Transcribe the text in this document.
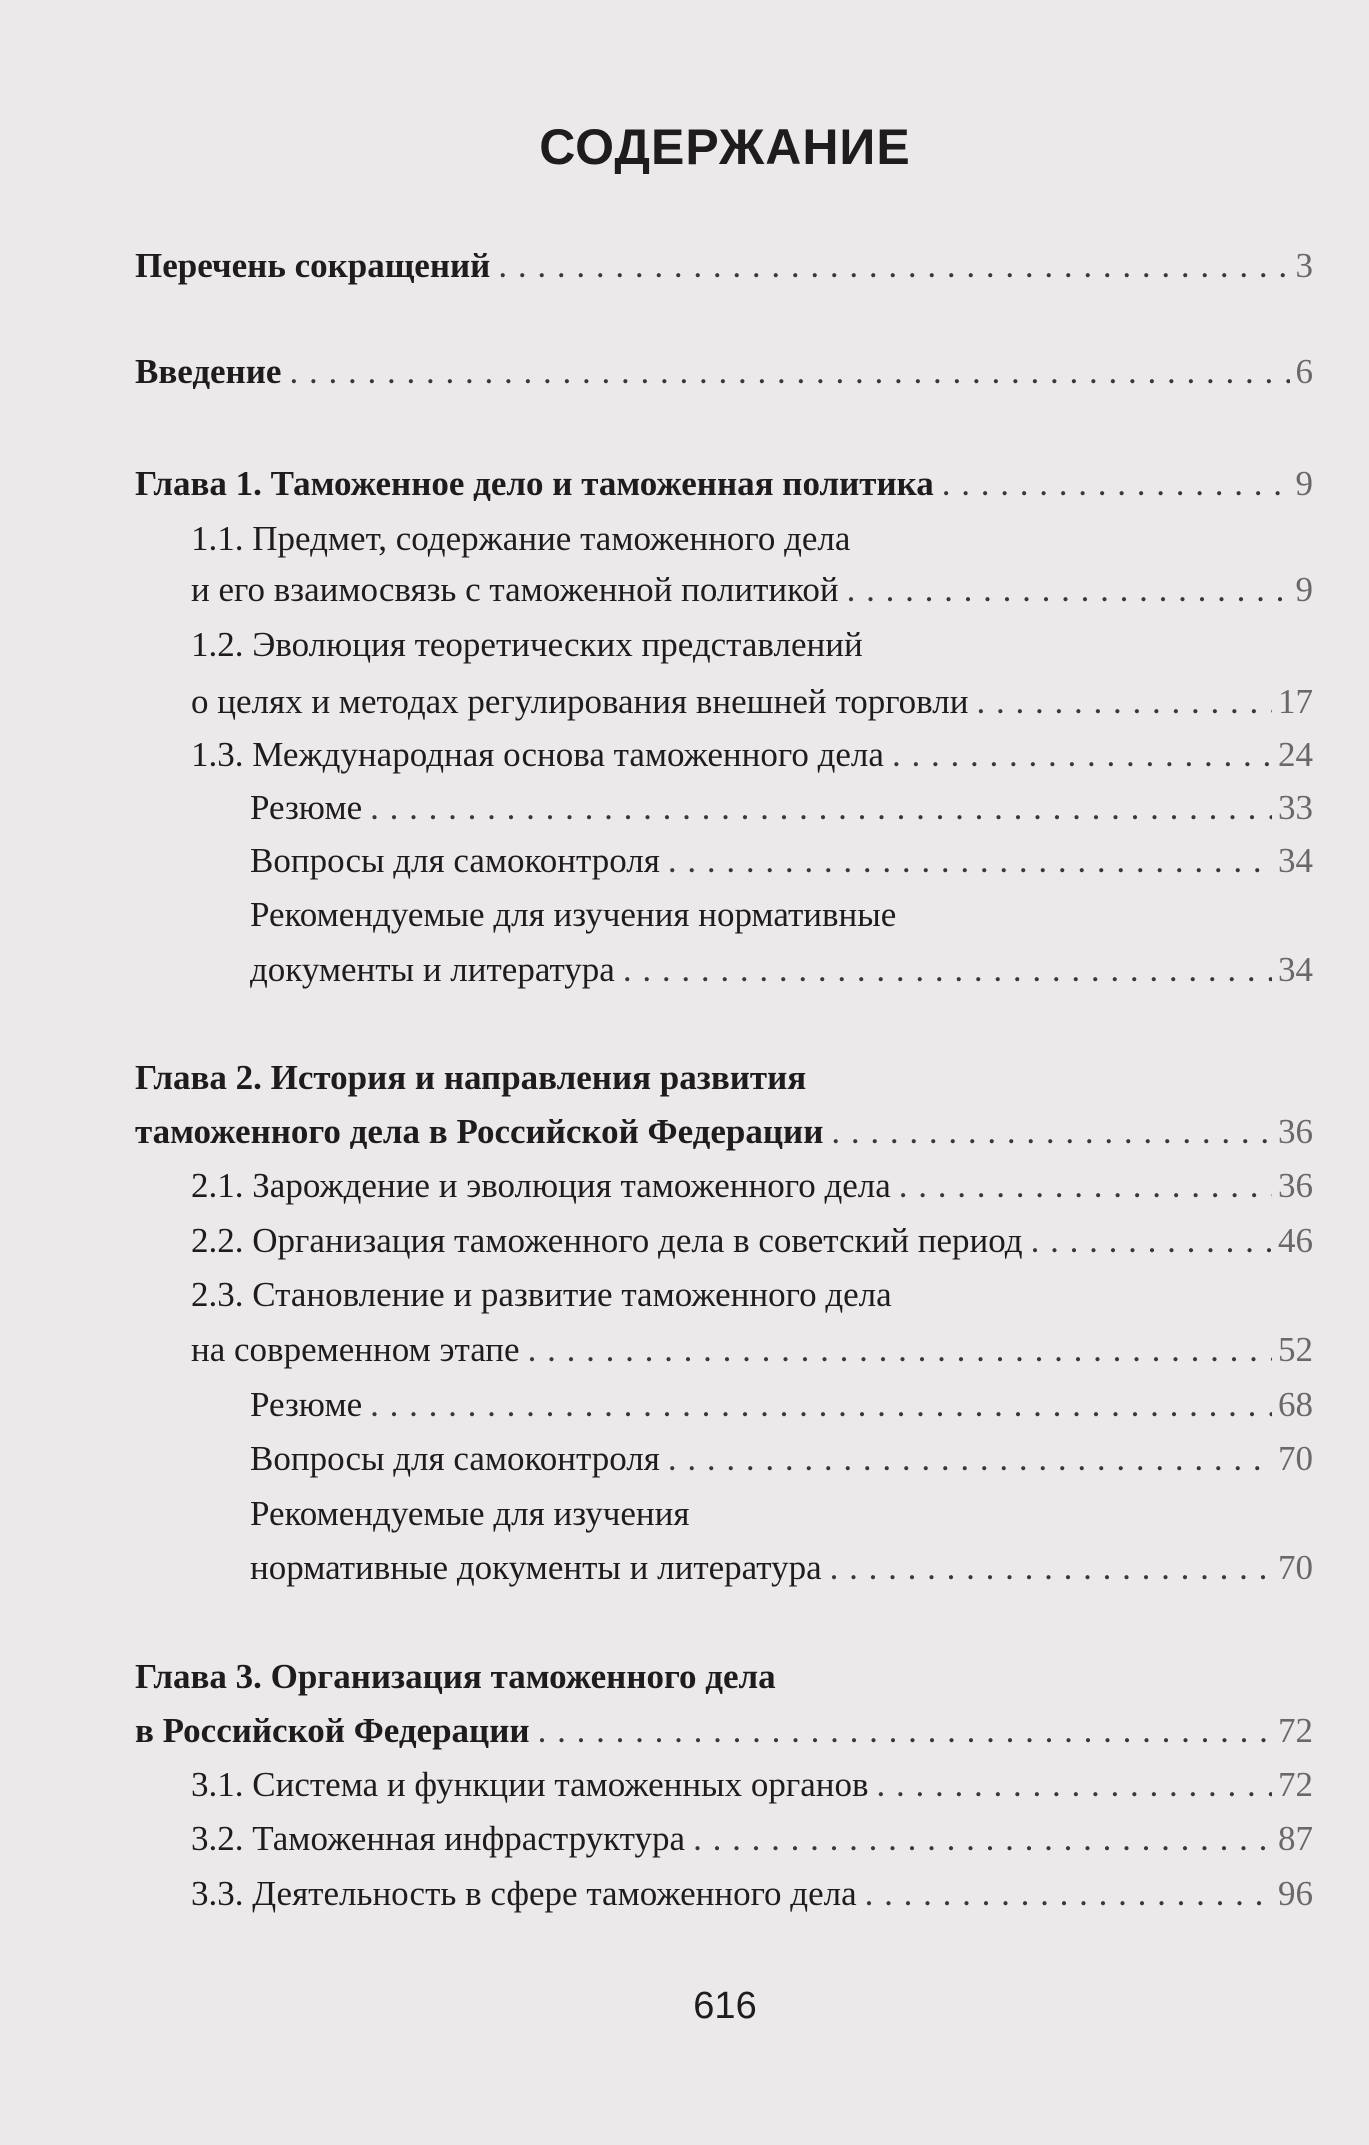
СОДЕРЖАНИЕ
Перечень сокращений . . .	3
Введение . . .	6
Глава 1. Таможенное дело и таможенная политика . . .	9
1.1. Предмет, содержание таможенного дела
и его взаимосвязь с таможенной политикой . . .	9
1.2. Эволюция теоретических представлений
о целях и методах регулирования внешней торговли . . .	17
1.3. Международная основа таможенного дела . . .	24
Резюме . . .	33
Вопросы для самоконтроля . . .	34
Рекомендуемые для изучения нормативные
документы и литература . . .	34
Глава 2. История и направления развития
таможенного дела в Российской Федерации . . .	36
2.1. Зарождение и эволюция таможенного дела . . .	36
2.2. Организация таможенного дела в советский период . . .	46
2.3. Становление и развитие таможенного дела
на современном этапе . . .	52
Резюме . . .	68
Вопросы для самоконтроля . . .	70
Рекомендуемые для изучения
нормативные документы и литература . . .	70
Глава 3. Организация таможенного дела
в Российской Федерации . . .	72
3.1. Система и функции таможенных органов . . .	72
3.2. Таможенная инфраструктура . . .	87
3.3. Деятельность в сфере таможенного дела . . .	96
616
